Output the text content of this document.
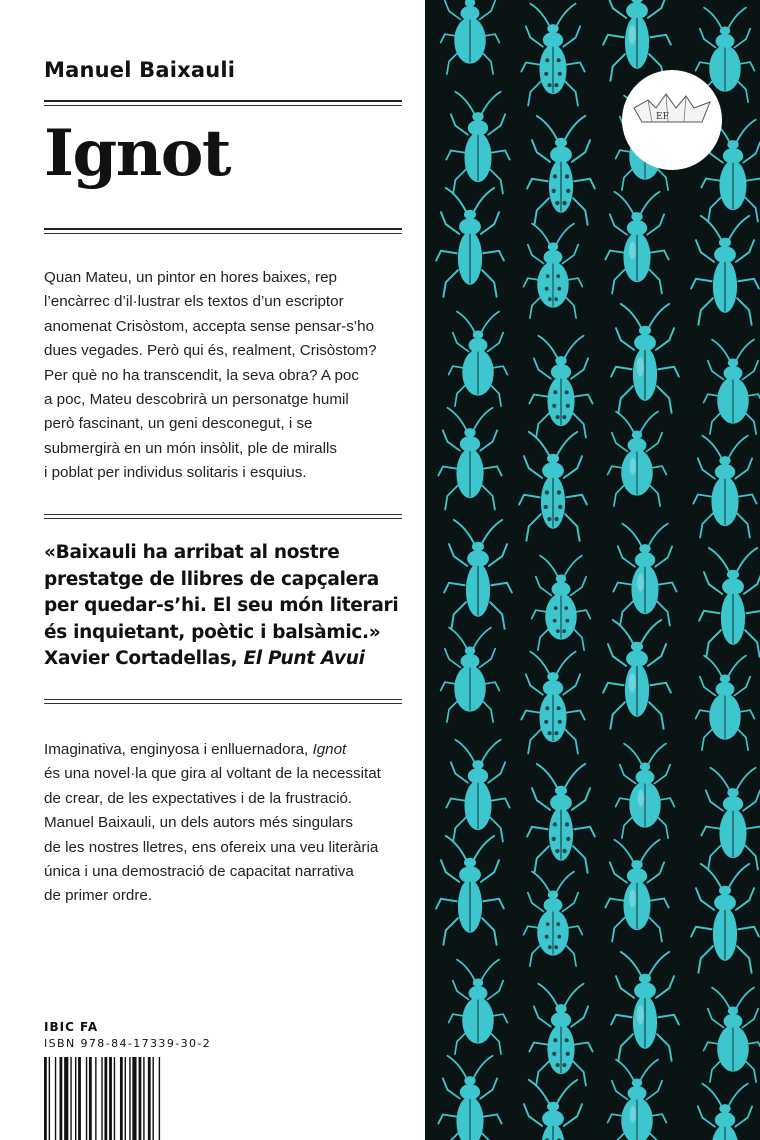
Manuel Baixauli
Ignot
Quan Mateu, un pintor en hores baixes, rep
l’encàrrec d’il·lustrar els textos d’un escriptor
anomenat Crisòstom, accepta sense pensar-s’ho
dues vegades. Però qui és, realment, Crisòstom?
Per què no ha transcendit, la seva obra? A poc
a poc, Mateu descobrirà un personatge humil
però fascinant, un geni desconegut, i se
submergirà en un món insòlit, ple de miralls
i poblat per individus solitaris i esquius.
«Baixauli ha arribat al nostre
prestatge de llibres de capçalera
per quedar-s’hi. El seu món literari
és inquietant, poètic i balsàmic.»
Xavier Cortadellas, El Punt Avui
Imaginativa, enginyosa i enlluernadora, Ignot
és una novel·la que gira al voltant de la necessitat
de crear, de les expectatives i de la frustració.
Manuel Baixauli, un dels autors més singulars
de les nostres lletres, ens ofereix una veu literària
única i una demostració de capacitat narrativa
de primer ordre.
IBIC FA
ISBN 978-84-17339-30-2
EF
